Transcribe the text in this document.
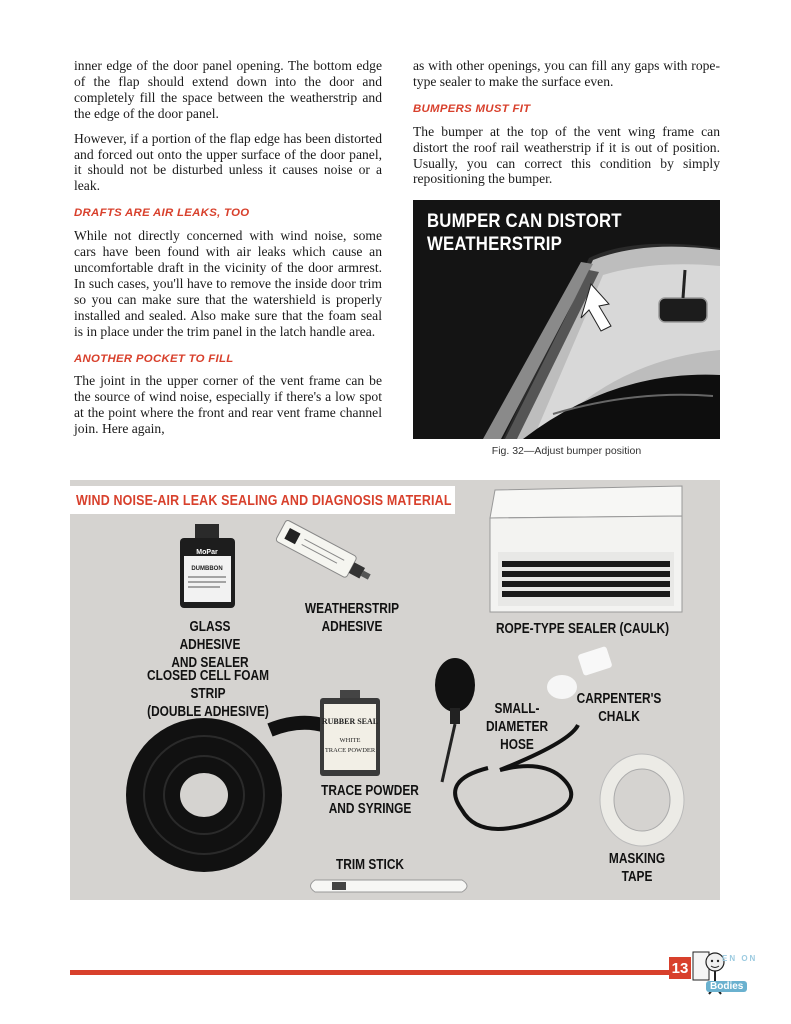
inner edge of the door panel opening. The bottom edge of the flap should extend down into the door and completely fill the space between the weatherstrip and the edge of the door panel.

However, if a portion of the flap edge has been distorted and forced out onto the upper surface of the door panel, it should not be disturbed unless it causes noise or a leak.

DRAFTS ARE AIR LEAKS, TOO

While not directly concerned with wind noise, some cars have been found with air leaks which cause an uncomfortable draft in the vicinity of the door armrest. In such cases, you'll have to remove the inside door trim so you can make sure that the watershield is properly installed and sealed. Also make sure that the foam seal is in place under the trim panel in the latch handle area.

ANOTHER POCKET TO FILL

The joint in the upper corner of the vent frame can be the source of wind noise, especially if there's a low spot at the point where the front and rear vent frame channel join. Here again,

as with other openings, you can fill any gaps with rope-type sealer to make the surface even.

BUMPERS MUST FIT

The bumper at the top of the vent wing frame can distort the roof rail weatherstrip if it is out of position. Usually, you can correct this condition by simply repositioning the bumper.

BUMPER CAN DISTORT WEATHERSTRIP
Fig. 32—Adjust bumper position
MoPar
DUMBBON
RUBBER SEAL
WHITE
TRACE POWDER
WIND NOISE-AIR LEAK SEALING AND DIAGNOSIS MATERIAL
GLASS ADHESIVE
AND SEALER
WEATHERSTRIP
ADHESIVE	ROPE-TYPE SEALER (CAULK)
CLOSED CELL FOAM STRIP
(DOUBLE ADHESIVE)	SMALL-
DIAMETER
HOSE
CARPENTER'S
CHALK
TRACE POWDER
AND SYRINGE
TRIM STICK	MASKING
TAPE
13
EN ON
Bodies
